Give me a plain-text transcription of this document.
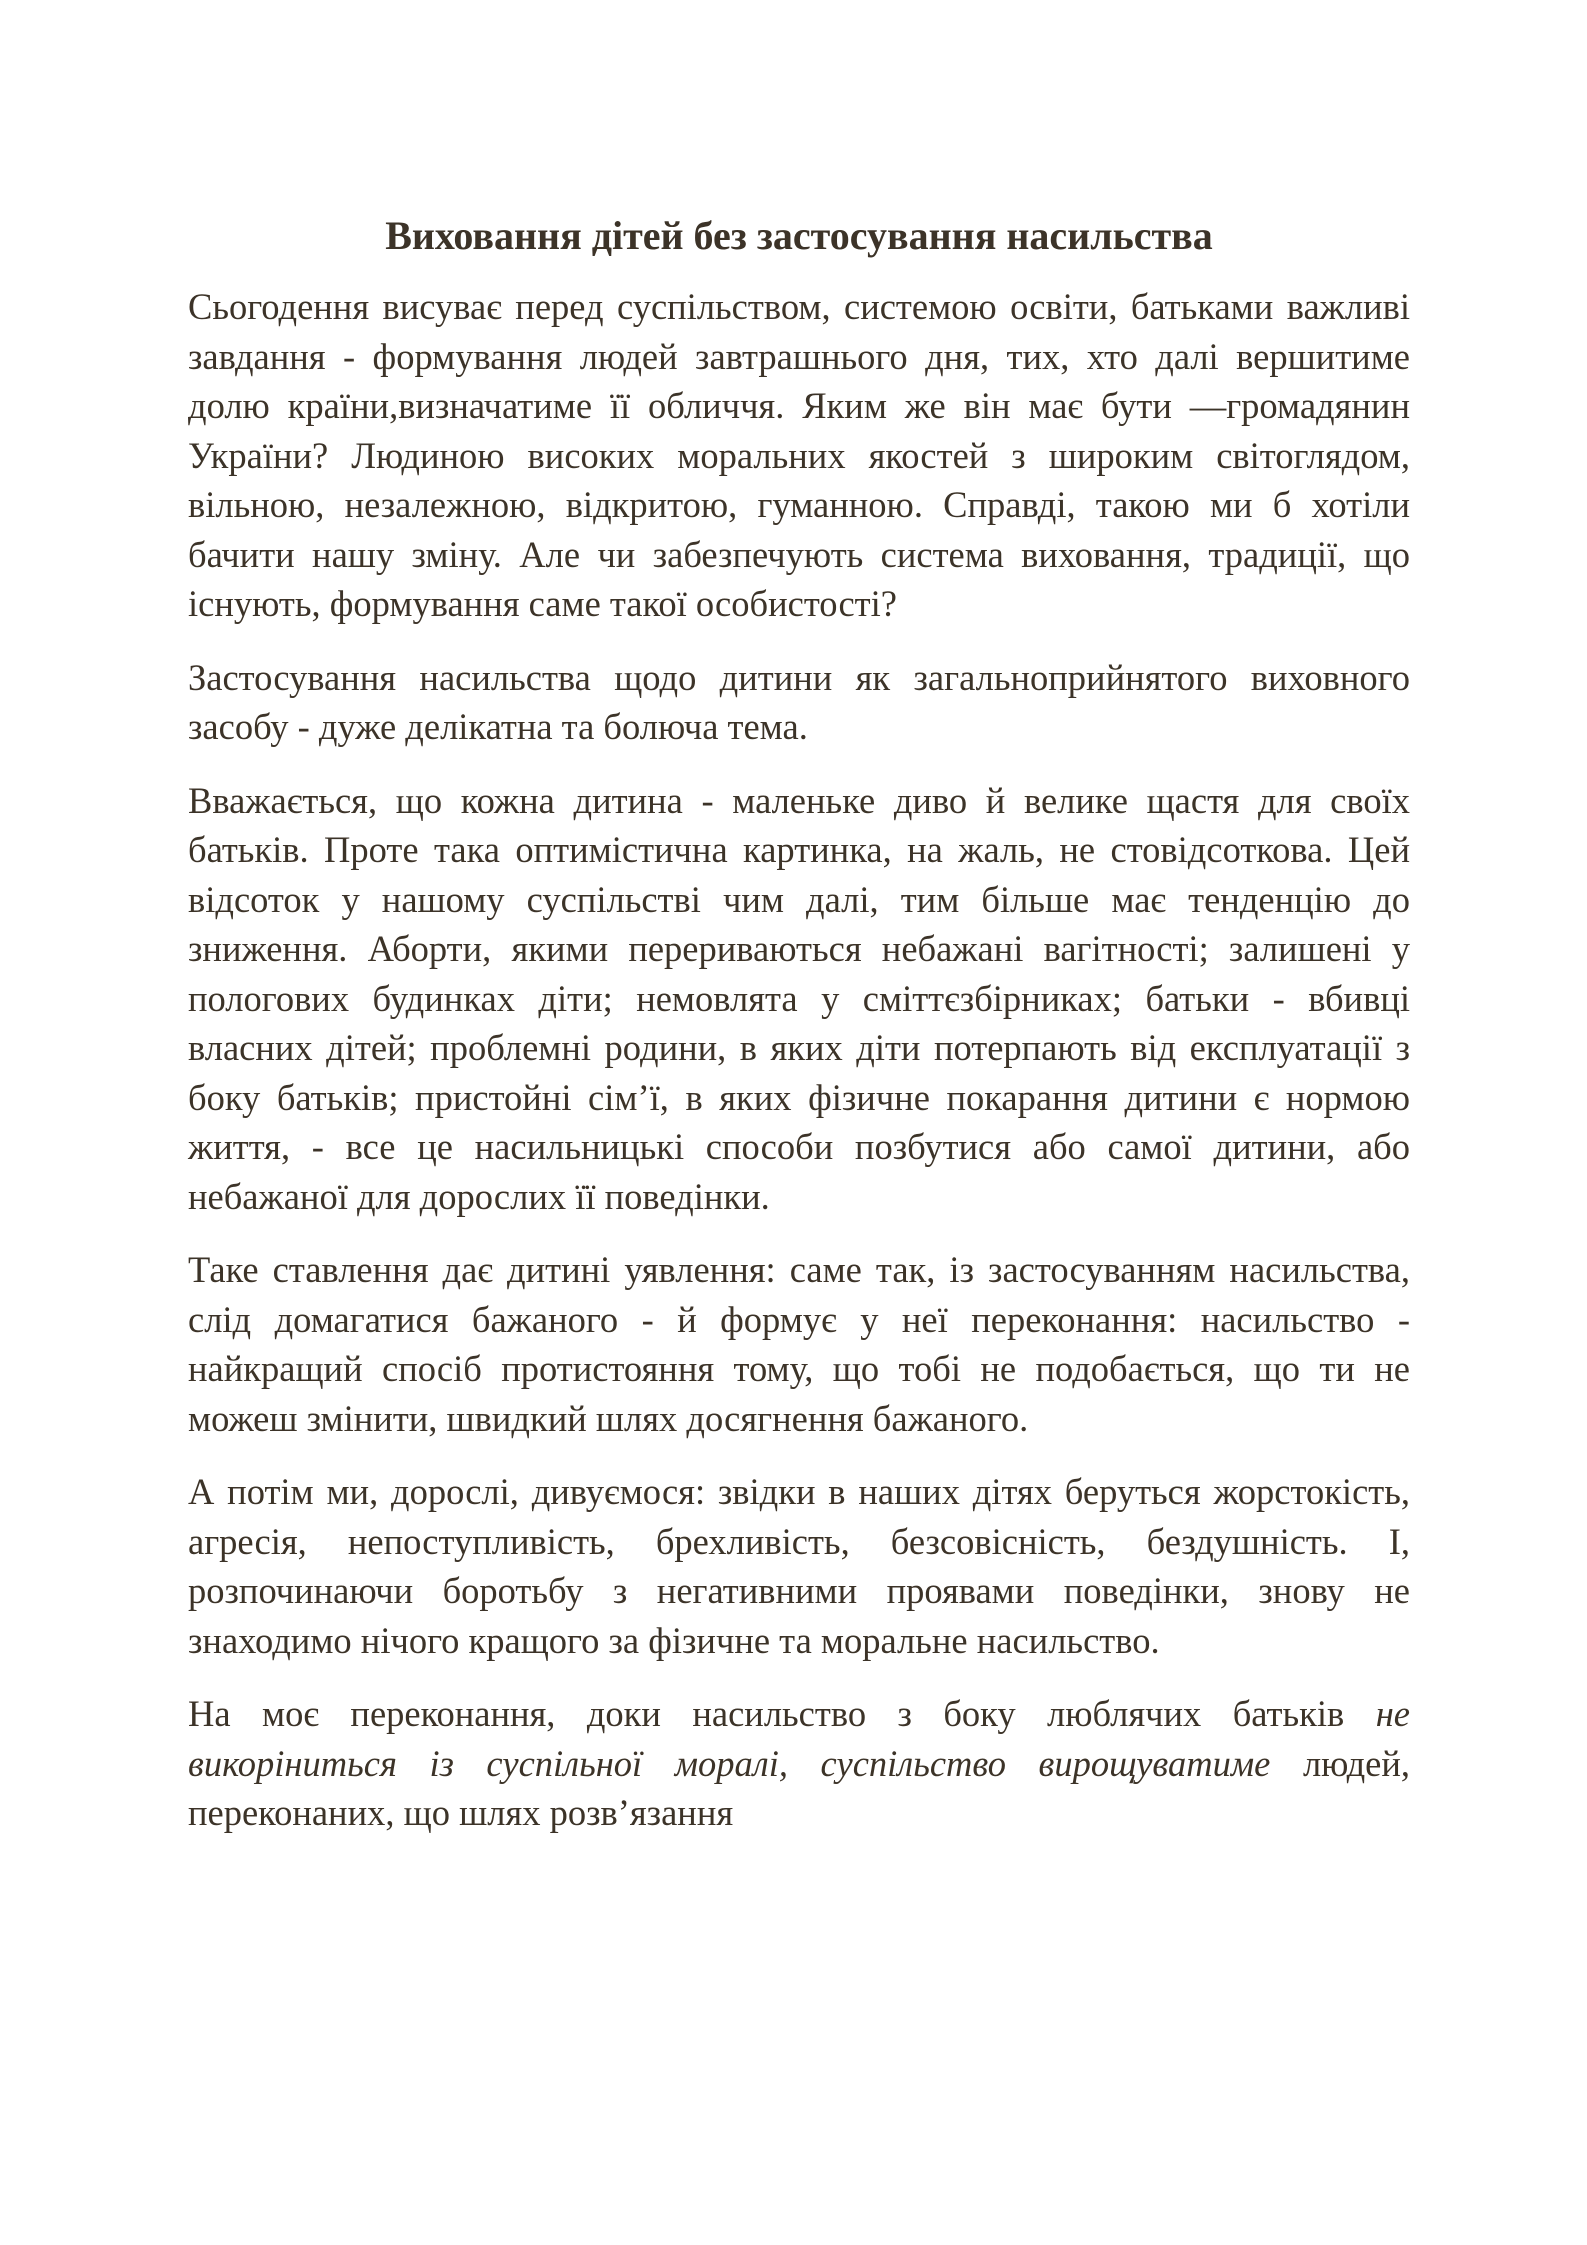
Виховання дітей без застосування насильства

Сьогодення висуває перед суспільством, системою освіти, батьками важливі завдання - формування людей завтрашнього дня, тих, хто далі вершитиме долю країни,визначатиме її обличчя. Яким же він має бути —громадянин України? Людиною високих моральних якостей з широким світоглядом, вільною, незалежною, відкритою, гуманною. Справді, такою ми б хотіли бачити нашу зміну. Але чи забезпечують система виховання, традиції, що існують, формування саме такої особистості?

Застосування насильства щодо дитини як загальноприйнятого виховного засобу - дуже делікатна та болюча тема.

Вважається, що кожна дитина - маленьке диво й велике щастя для своїх батьків. Проте така оптимістична картинка, на жаль, не стовідсоткова. Цей відсоток у нашому суспільстві чим далі, тим більше має тенденцію до зниження. Аборти, якими перериваються небажані вагітності; залишені у пологових будинках діти; немовлята у сміттєзбірниках; батьки - вбивці власних дітей; проблемні родини, в яких діти потерпають від експлуатації з боку батьків; пристойні сім’ї, в яких фізичне покарання дитини є нормою життя, - все це насильницькі способи позбутися або самої дитини, або небажаної для дорослих її поведінки.

Таке ставлення дає дитині уявлення: саме так, із застосуванням насильства, слід домагатися бажаного - й формує у неї переконання: насильство - найкращий спосіб протистояння тому, що тобі не подобається, що ти не можеш змінити, швидкий шлях досягнення бажаного.

А потім ми, дорослі, дивуємося: звідки в наших дітях беруться жорстокість, агресія, непоступливість, брехливість, безсовісність, бездушність. І, розпочинаючи боротьбу з негативними проявами поведінки, знову не знаходимо нічого кращого за фізичне та моральне насильство.

На моє переконання, доки насильство з боку люблячих батьків не викоріниться із суспільної моралі, суспільство вирощуватиме людей, переконаних, що шлях розв’язання
